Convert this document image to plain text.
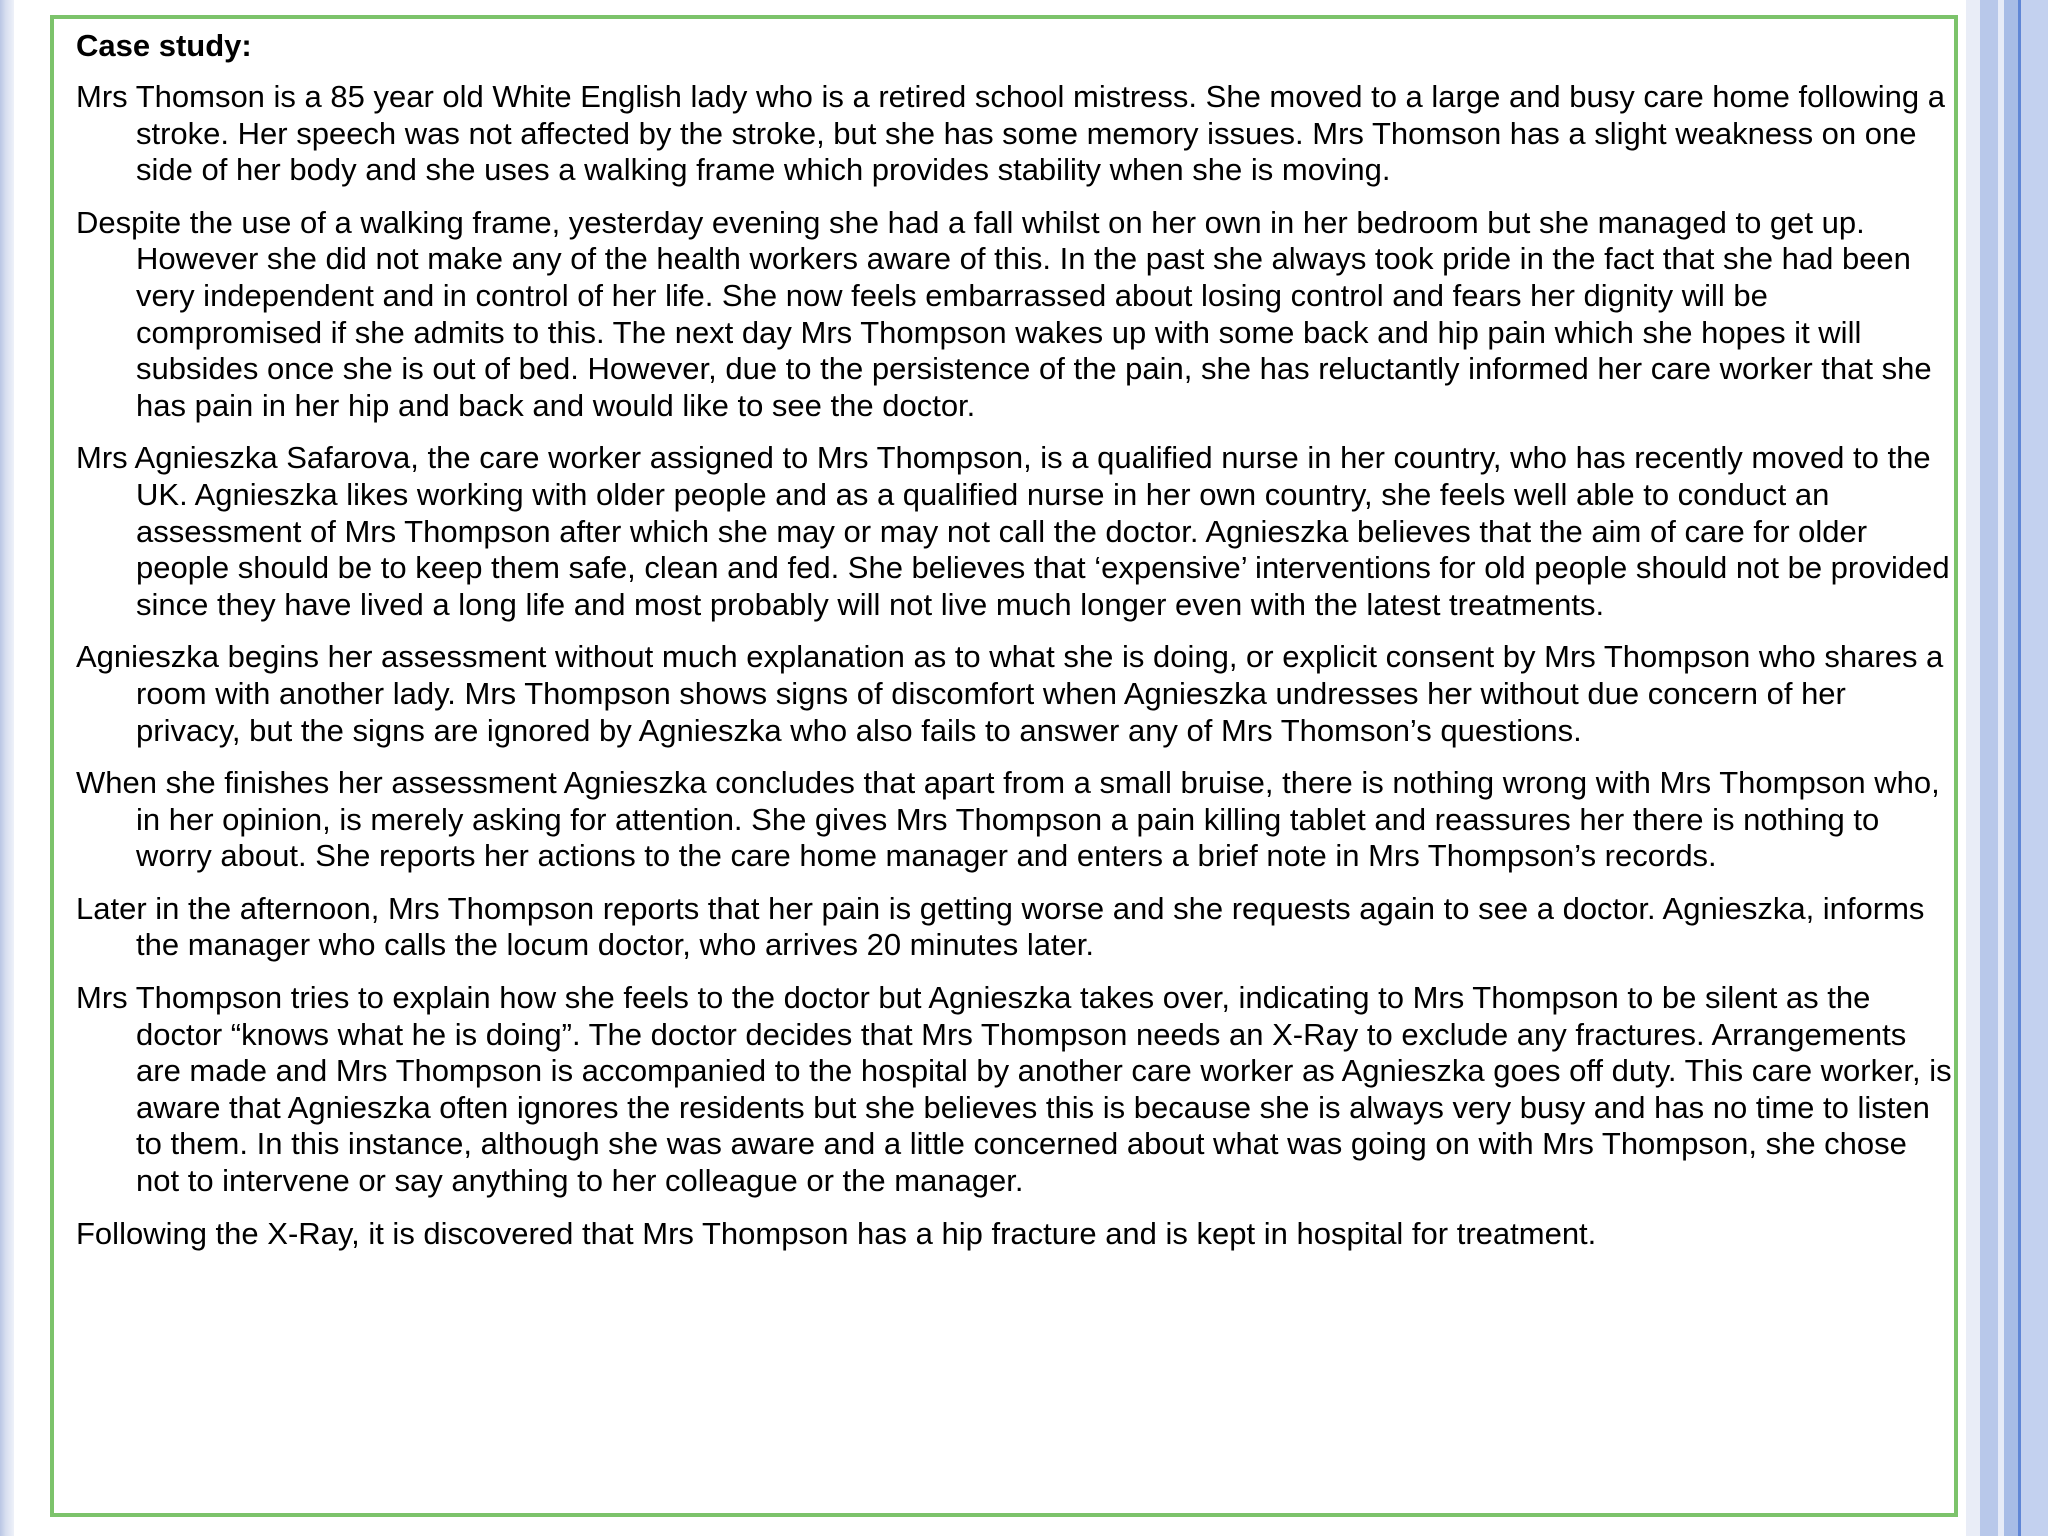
Case study:

Mrs Thomson is a 85 year old White English lady who is a retired school mistress. She moved to a large and busy care home following a stroke. Her speech was not affected by the stroke, but she has some memory issues. Mrs Thomson has a slight weakness on one side of her body and she uses a walking frame which provides stability when she is moving.

Despite the use of a walking frame, yesterday evening she had a fall whilst on her own in her bedroom but she managed to get up. However she did not make any of the health workers aware of this. In the past she always took pride in the fact that she had been very independent and in control of her life. She now feels embarrassed about losing control and fears her dignity will be compromised if she admits to this. The next day Mrs Thompson wakes up with some back and hip pain which she hopes it will subsides once she is out of bed. However, due to the persistence of the pain, she has reluctantly informed her care worker that she has pain in her hip and back and would like to see the doctor.

Mrs Agnieszka Safarova, the care worker assigned to Mrs Thompson, is a qualified nurse in her country, who has recently moved to the UK. Agnieszka likes working with older people and as a qualified nurse in her own country, she feels well able to conduct an assessment of Mrs Thompson after which she may or may not call the doctor. Agnieszka believes that the aim of care for older people should be to keep them safe, clean and fed. She believes that ‘expensive’ interventions for old people should not be provided since they have lived a long life and most probably will not live much longer even with the latest treatments.

Agnieszka begins her assessment without much explanation as to what she is doing, or explicit consent by Mrs Thompson who shares a room with another lady. Mrs Thompson shows signs of discomfort when Agnieszka undresses her without due concern of her privacy, but the signs are ignored by Agnieszka who also fails to answer any of Mrs Thomson’s questions.

When she finishes her assessment Agnieszka concludes that apart from a small bruise, there is nothing wrong with Mrs Thompson who, in her opinion, is merely asking for attention. She gives Mrs Thompson a pain killing tablet and reassures her there is nothing to worry about. She reports her actions to the care home manager and enters a brief note in Mrs Thompson’s records.

Later in the afternoon, Mrs Thompson reports that her pain is getting worse and she requests again to see a doctor. Agnieszka, informs the manager who calls the locum doctor, who arrives 20 minutes later.

Mrs Thompson tries to explain how she feels to the doctor but Agnieszka takes over, indicating to Mrs Thompson to be silent as the doctor “knows what he is doing”. The doctor decides that Mrs Thompson needs an X-Ray to exclude any fractures. Arrangements are made and Mrs Thompson is accompanied to the hospital by another care worker as Agnieszka goes off duty. This care worker, is aware that Agnieszka often ignores the residents but she believes this is because she is always very busy and has no time to listen to them. In this instance, although she was aware and a little concerned about what was going on with Mrs Thompson, she chose not to intervene or say anything to her colleague or the manager.

Following the X-Ray, it is discovered that Mrs Thompson has a hip fracture and is kept in hospital for treatment.
